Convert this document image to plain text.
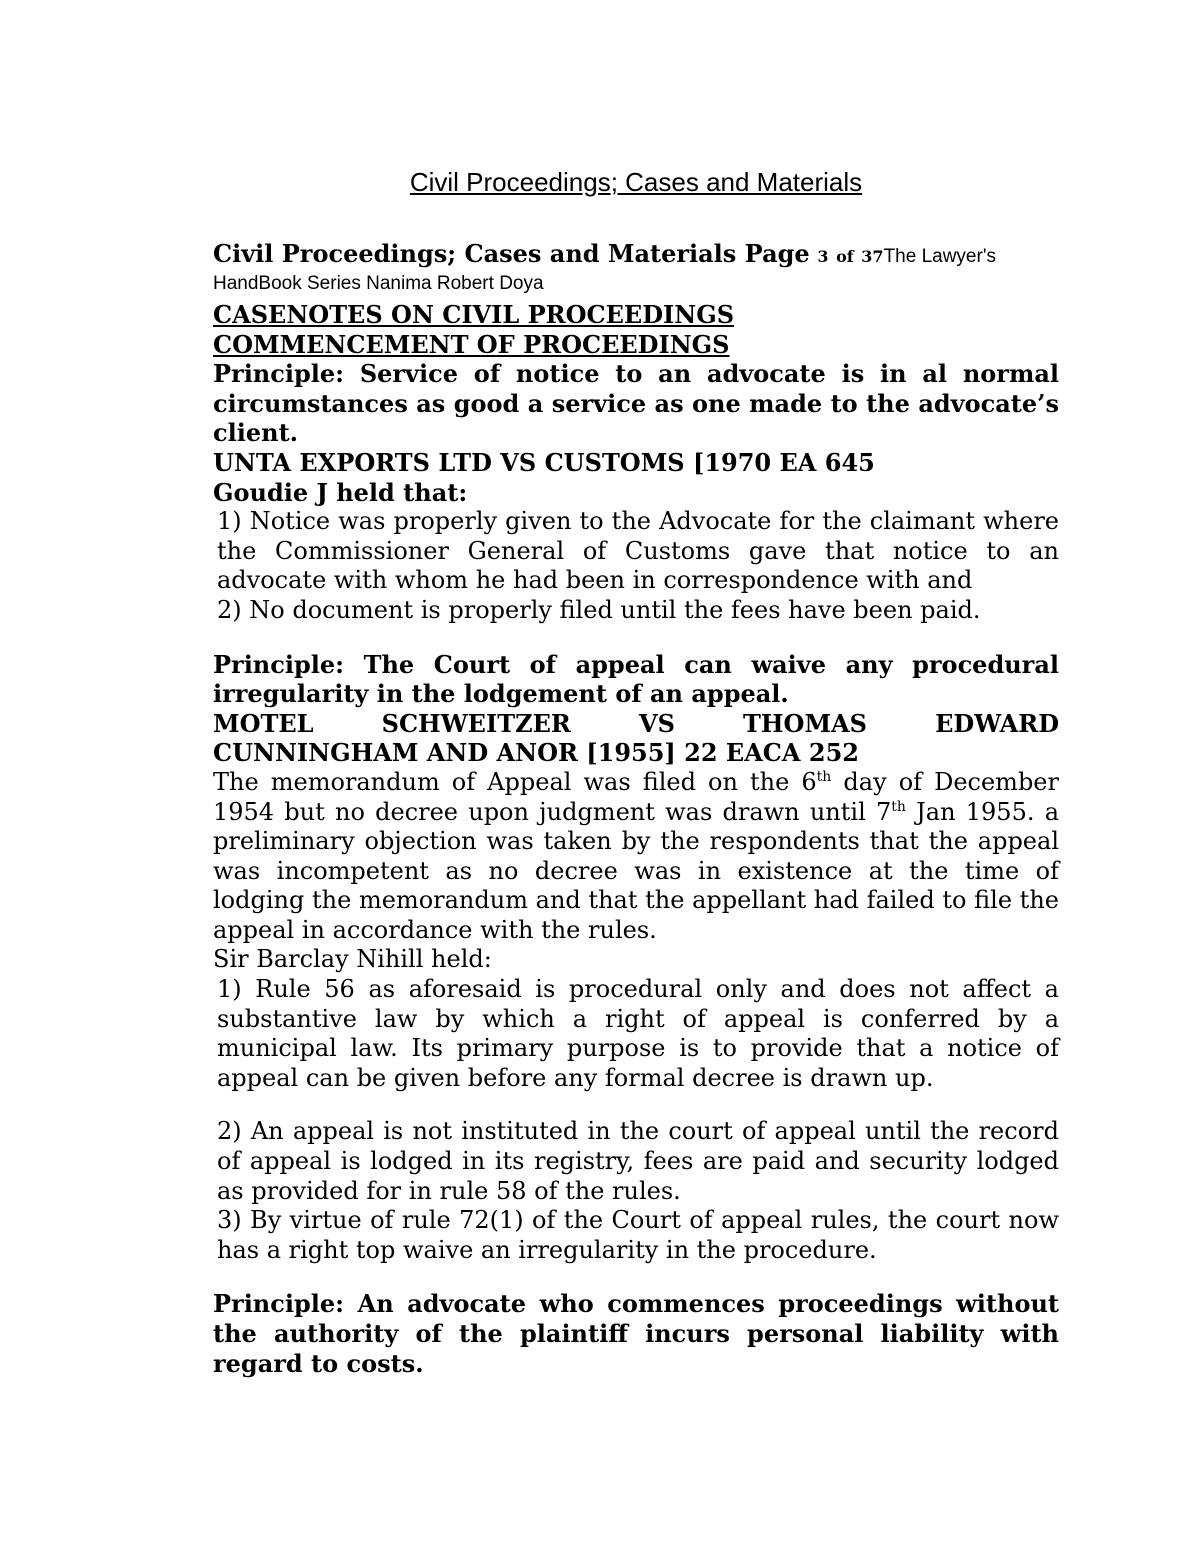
Civil Proceedings; Cases and Materials

Civil Proceedings; Cases and Materials Page 3 of 37The Lawyer's HandBook Series Nanima Robert Doya

CASENOTES ON CIVIL PROCEEDINGS

COMMENCEMENT OF PROCEEDINGS

Principle: Service of notice to an advocate is in al normal circumstances as good a service as one made to the advocate’s client.

UNTA EXPORTS LTD VS CUSTOMS [1970 EA 645

Goudie J held that:

1) Notice was properly given to the Advocate for the claimant where the Commissioner General of Customs gave that notice to an advocate with whom he had been in correspondence with and

2) No document is properly filed until the fees have been paid.

Principle: The Court of appeal can waive any procedural irregularity in the lodgement of an appeal.

MOTEL SCHWEITZER VS THOMAS EDWARD

CUNNINGHAM AND ANOR [1955] 22 EACA 252

The memorandum of Appeal was filed on the 6th day of December 1954 but no decree upon judgment was drawn until 7th Jan 1955. a preliminary objection was taken by the respondents that the appeal was incompetent as no decree was in existence at the time of lodging the memorandum and that the appellant had failed to file the appeal in accordance with the rules.

Sir Barclay Nihill held:

1) Rule 56 as aforesaid is procedural only and does not affect a substantive law by which a right of appeal is conferred by a municipal law. Its primary purpose is to provide that a notice of appeal can be given before any formal decree is drawn up.

2) An appeal is not instituted in the court of appeal until the record of appeal is lodged in its registry, fees are paid and security lodged as provided for in rule 58 of the rules.

3) By virtue of rule 72(1) of the Court of appeal rules, the court now has a right top waive an irregularity in the procedure.

Principle: An advocate who commences proceedings without the authority of the plaintiff incurs personal liability with regard to costs.
